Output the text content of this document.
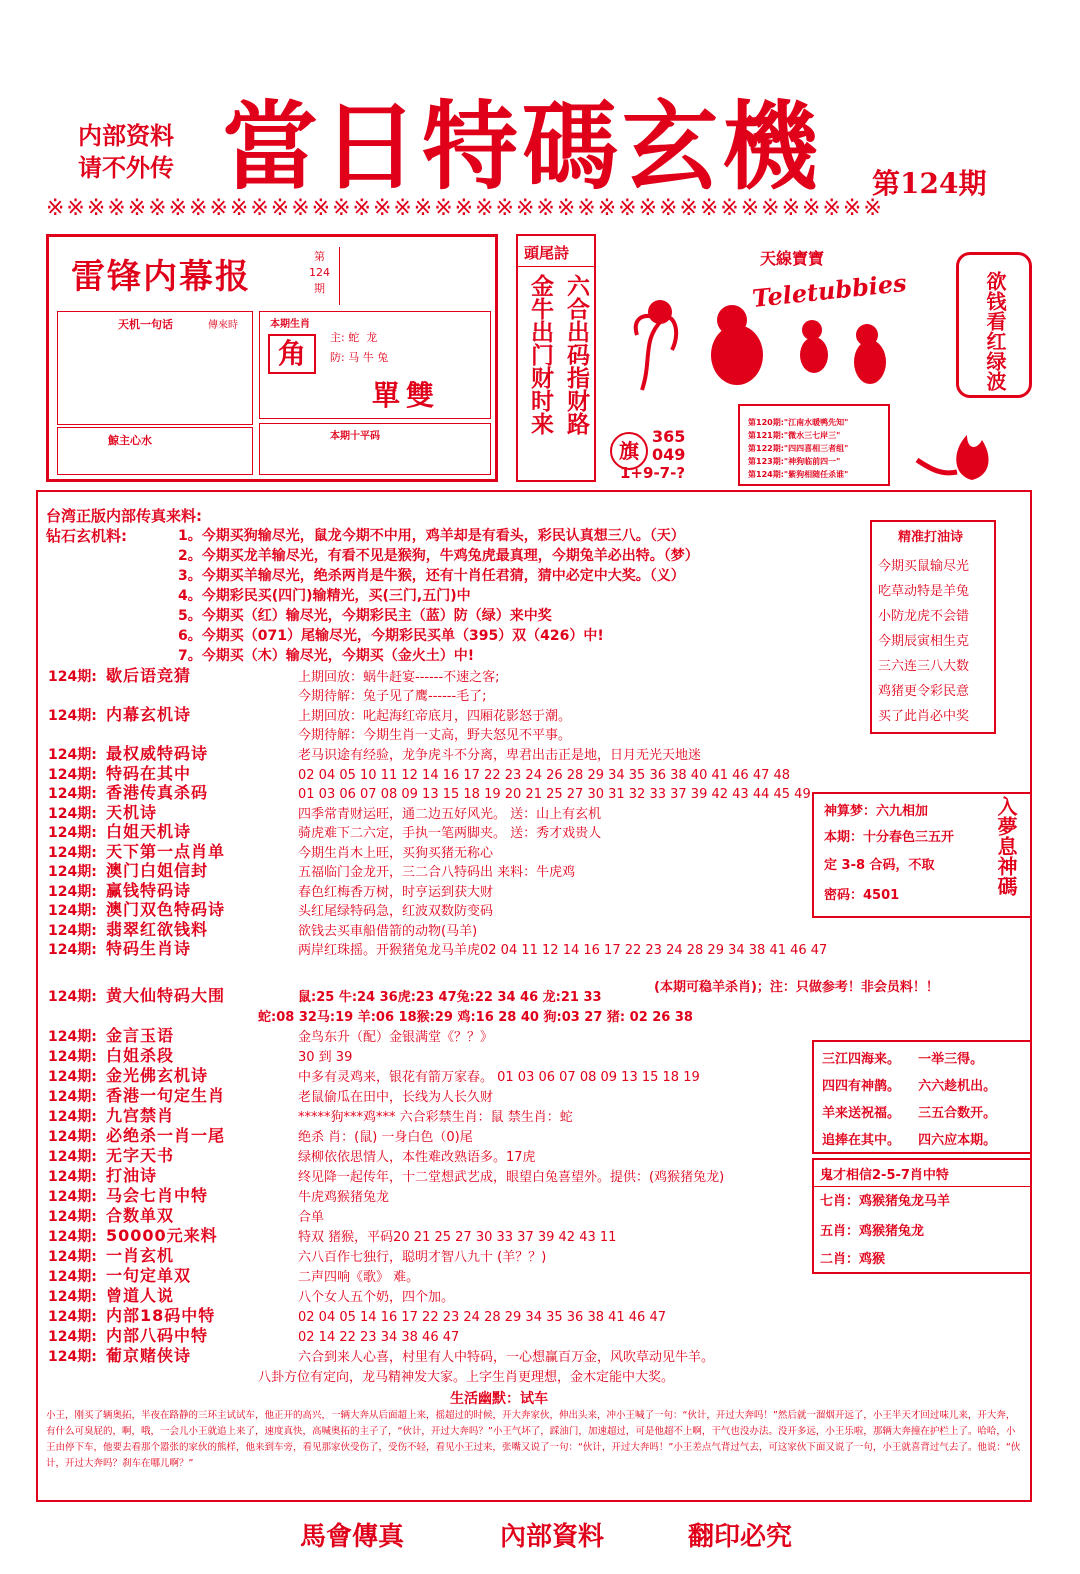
内部资料
请不外传 當日特碼玄機 第124期
※※※※※※※※※※※※※※※※※※※※※※※※※※※※※※※※※※※※※※※※※
雷锋内幕报
第
124
期
天机一句话	傳來時
鯨主心水
本期生肖
角	主: 蛇 龙
防: 马 牛 兔
單雙
本期十平码
頭尾詩
六合出码指财路
金牛出门财时来
天線寶寶
Teletubbies
旗
365
049
1+9-7-?
第120期:"江南水暖鸭先知"
第121期:"微水三七岸三"
第122期:"四四喜相三者组"
第123期:"神狗临前四一"
第124期:"紫狗相随任杀谁"
欲钱看红绿波
台湾正版内部传真来料:
钻石玄机料:	1。今期买狗输尽光，鼠龙今期不中用，鸡羊却是有看头，彩民认真想三八。（天）
2。今期买龙羊输尽光，有看不见是猴狗，牛鸡兔虎最真理，今期兔羊必出特。（梦）
3。今期买羊输尽光，绝杀两肖是牛猴，还有十肖任君猜，猜中必定中大奖。（义）
4。今期彩民买(四门)输精光，买(三门,五门)中
5。今期买（红）输尽光，今期彩民主（蓝）防（绿）来中奖
6。今期买（071）尾输尽光，今期彩民买单（395）双（426）中!
7。今期买（木）输尽光，今期买（金火土）中!
精准打油诗
今期买鼠输尽光
吃草动特是羊兔
小防龙虎不会错
今期辰寅相生克
三六连三八大数
鸡猪更令彩民意
买了此肖必中奖
124期: 歇后语竞猜	上期回放：蜗牛赶宴------不速之客;
今期待解：兔子见了鹰------毛了;
124期: 内幕玄机诗	上期回放：叱起海红帝底月，四厢花影怒于潮。
今期待解：今期生肖一丈高，野夫怒见不平事。
124期: 最权威特码诗	老马识途有经验，龙争虎斗不分离，卑君出击正是地，日月无光天地迷
124期: 特码在其中	02 04 05 10 11 12 14 16 17 22 23 24 26 28 29 34 35 36 38 40 41 46 47 48
124期: 香港传真杀码	01 03 06 07 08 09 13 15 18 19 20 21 25 27 30 31 32 33 37 39 42 43 44 45 49
124期: 天机诗	四季常青财运旺，通二边五好风光。 送：山上有玄机
124期: 白姐天机诗	骑虎难下二六定，手执一笔两脚夹。 送：秀才戏贵人
124期: 天下第一点肖单	今期生肖木上旺，买狗买猪无称心
124期: 澳门白姐信封	五福临门金龙开，三二合八特码出 来料：牛虎鸡
124期: 赢钱特码诗	春色红梅香万树，时亨运到获大财
124期: 澳门双色特码诗	头红尾绿特码急，红波双数防变码
124期: 翡翠红欲钱料	欲钱去买車船借箭的动物(马羊)
124期: 特码生肖诗	两岸红珠摇。开猴猪兔龙马羊虎02 04 11 12 14 16 17 22 23 24 28 29 34 38 41 46 47
124期: 黄大仙特码大围	鼠:25 牛:24 36虎:23 47兔:22 34 46 龙:21 33
(本期可稳羊杀肖)；注：只做参考！非会员料！！
蛇:08 32马:19 羊:06 18猴:29 鸡:16 28 40 狗:03 27 猪: 02 26 38
124期: 金言玉语	金鸟东升（配）金银满堂《？？》
124期: 白姐杀段	30 到 39
124期: 金光佛玄机诗	中多有灵鸡来，银花有箭万家春。 01 03 06 07 08 09 13 15 18 19
124期: 香港一句定生肖	老鼠偷瓜在田中，长线为人长久财
124期: 九宫禁肖	*****狗***鸡*** 六合彩禁生肖：鼠 禁生肖：蛇
124期: 必绝杀一肖一尾	绝杀 肖：(鼠) 一身白色（0)尾
124期: 无字天书	绿柳依依思情人，本性难改熟语多。17虎
124期: 打油诗	终见降一起传年，十二堂想武艺成，眼望白兔喜望外。提供：(鸡猴猪兔龙)
124期: 马会七肖中特	牛虎鸡猴猪兔龙
124期: 合数单双	合单
124期: 50000元来料	特双 猪猴，平码20 21 25 27 30 33 37 39 42 43 11
124期: 一肖玄机	六八百作七独行，聪明才智八九十 (羊？？)
124期: 一句定单双	二声四响《歌》 难。
124期: 曾道人说	八个女人五个奶，四个加。
124期: 内部18码中特	02 04 05 14 16 17 22 23 24 28 29 34 35 36 38 41 46 47
124期: 内部八码中特	02 14 22 23 34 38 46 47
124期: 葡京赌侠诗	六合到来人心喜，村里有人中特码，一心想赢百万金，风吹草动见牛羊。
八卦方位有定向，龙马精神发大家。上字生肖更理想，金木定能中大奖。
神算梦：六九相加
本期：十分春色三五开
定 3-8 合码，不取
密码：4501	入夢息神碼
三江四海来。 一举三得。
四四有神鹊。 六六趁机出。
羊来送祝福。 三五合数开。
追捧在其中。 四六应本期。
鬼才相信2-5-7肖中特
七肖：鸡猴猪兔龙马羊
五肖：鸡猴猪兔龙
二肖：鸡猴
生活幽默：试车
小王，刚买了辆奥拓，半夜在路静的三环主试试车，他正开的高兴，一辆大奔从后面超上来，摇超过的时候，开大奔家伙，伸出头来，冲小王喊了一句：“伙计，开过大奔吗！”然后就一溜烟开远了，小王半天才回过味儿来，开大奔，有什么可臭屁的，啊，哦，一会儿小王就追上来了，速度真快，高喊奥拓的主子了，“伙计，开过大奔吗？”小王气坏了，踩油门，加速超过，可是他超不上啊，干气也没办法。没开多远，小王乐啦，那辆大奔撞在护栏上了。哈哈，小王由停下车，他要去看那个嚣张的家伙的熊样，他来到车旁，看见那家伙受伤了，受伤不轻，看见小王过来，张嘴又说了一句：“伙计，开过大奔吗！”小王差点气背过气去，可这家伙下面又说了一句，小王就喜背过气去了。他说：“伙计，开过大奔吗？刹车在哪儿啊？”
馬會傳真	內部資料	翻印必究
